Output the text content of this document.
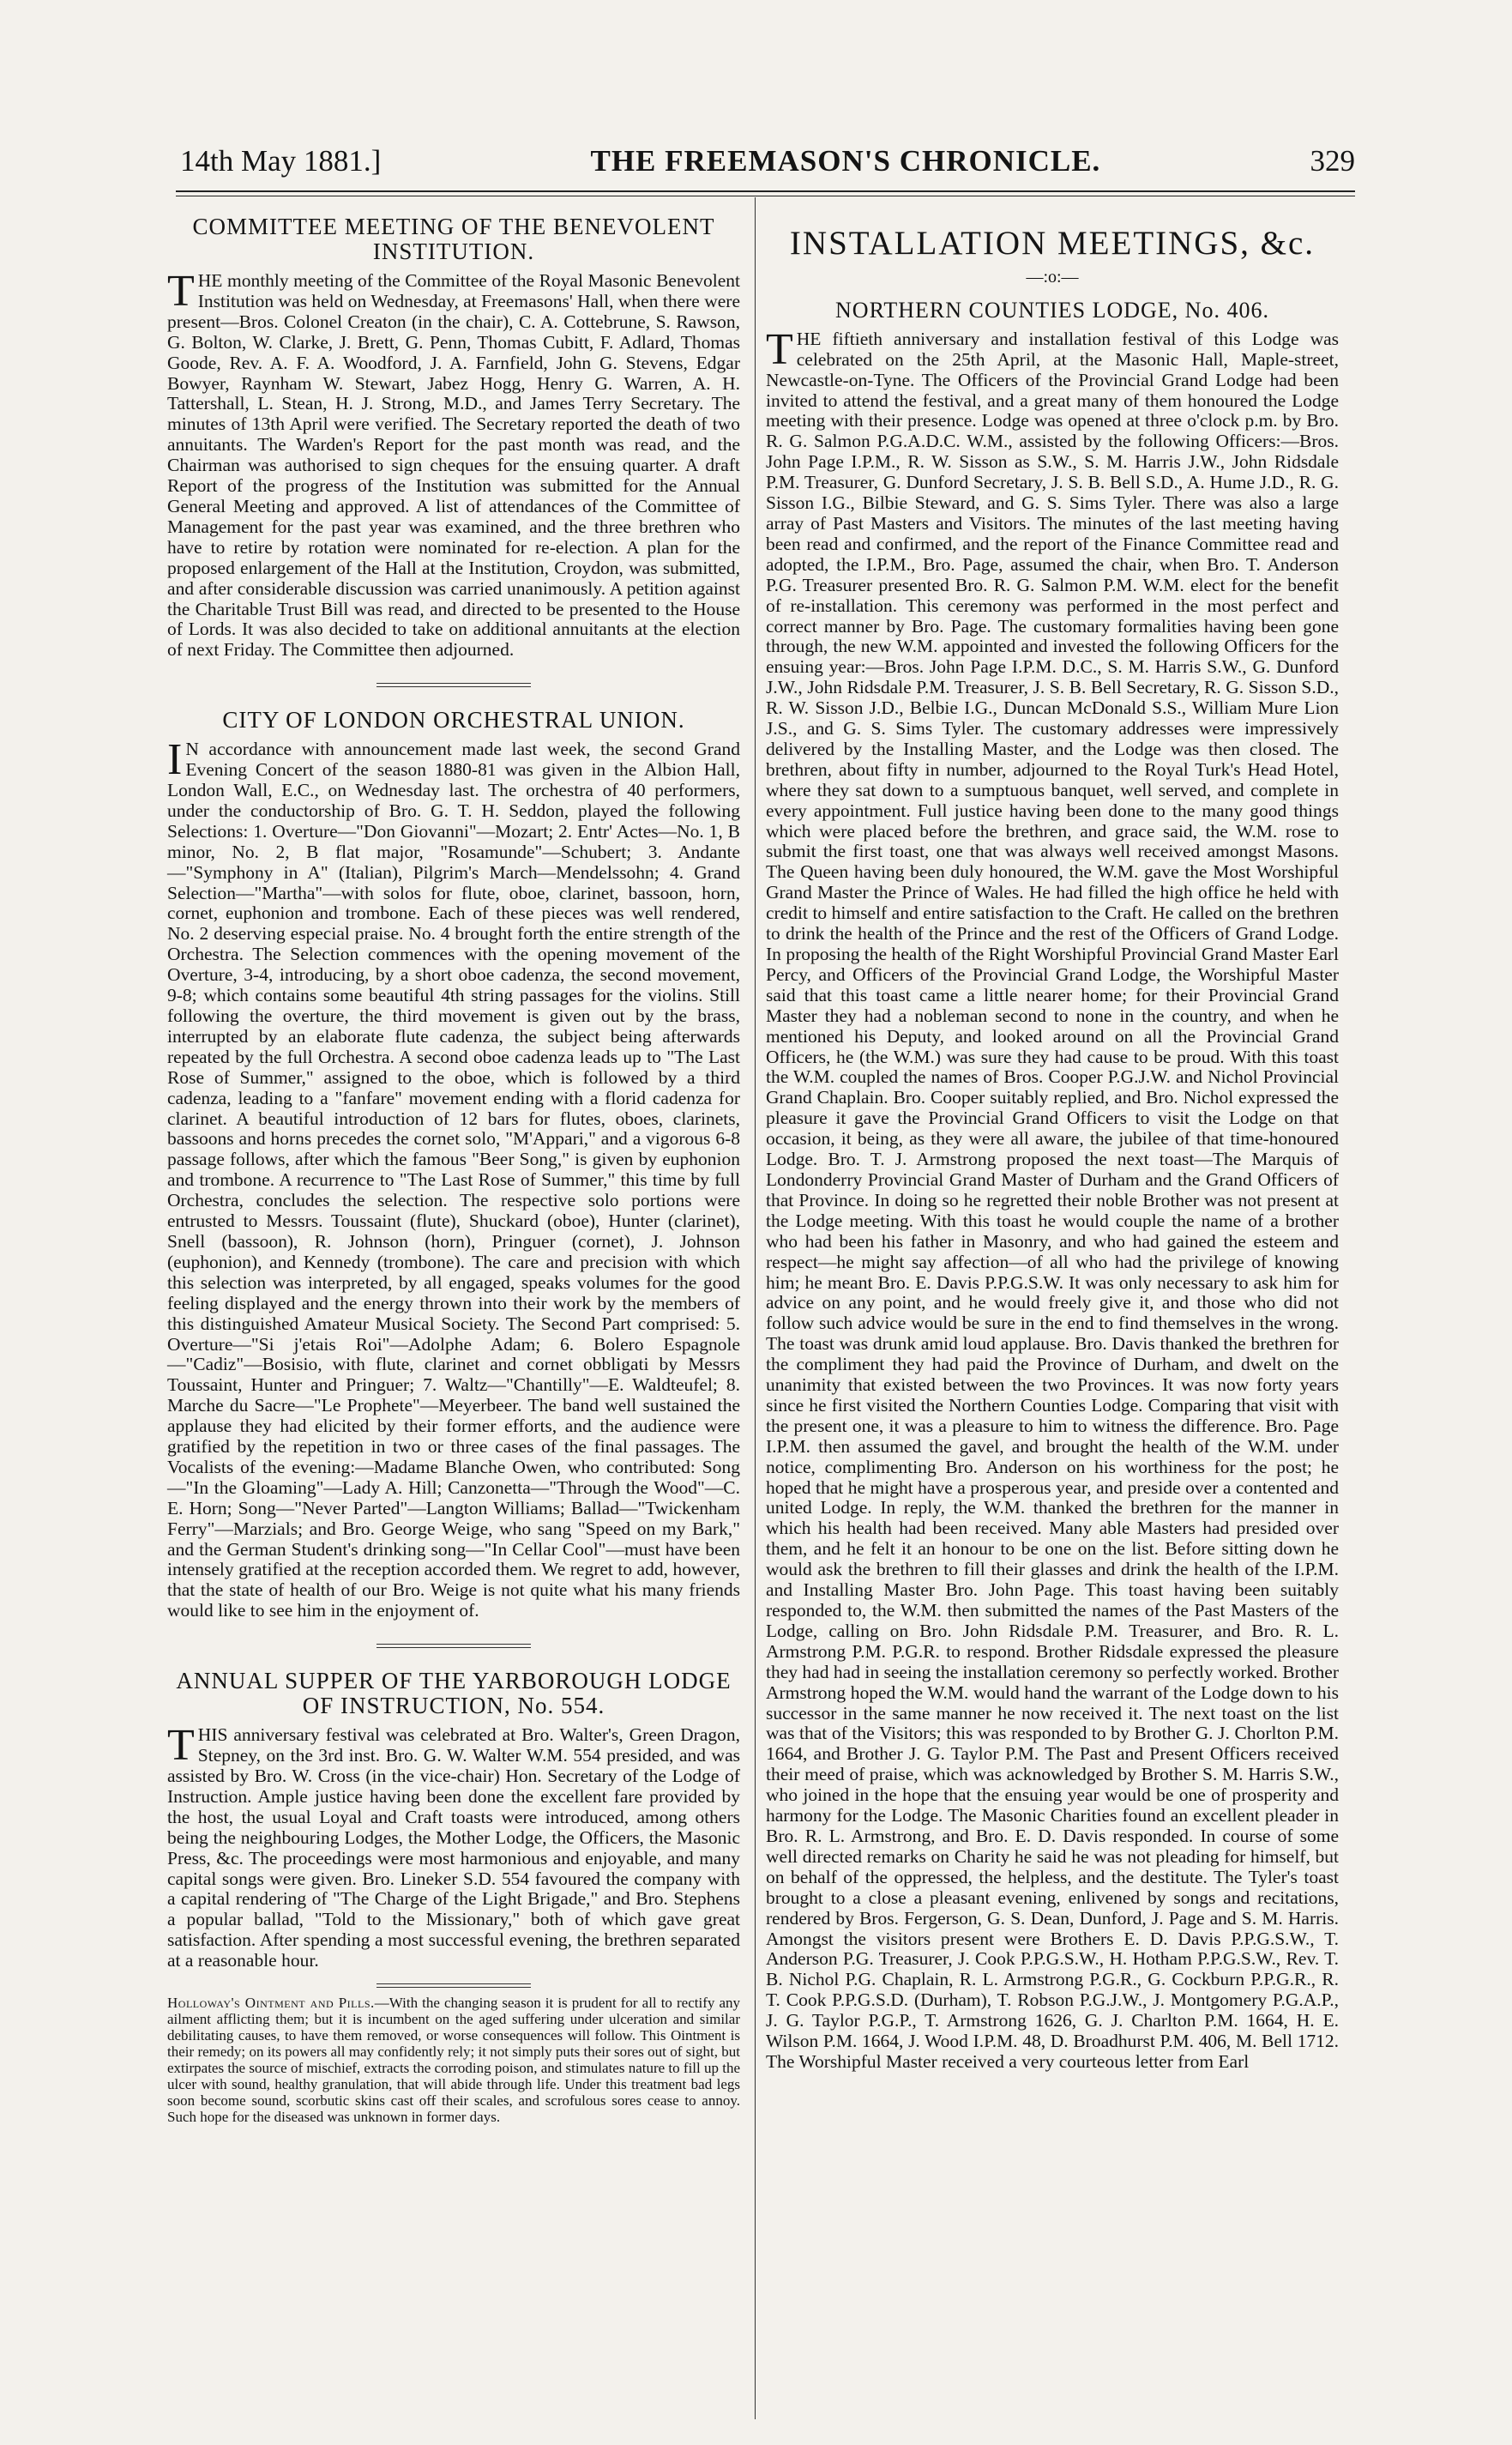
14th May 1881.]	THE FREEMASON'S CHRONICLE.	329
COMMITTEE MEETING OF THE BENEVOLENT INSTITUTION.

THE monthly meeting of the Committee of the Royal Masonic Benevolent Institution was held on Wednesday, at Freemasons' Hall, when there were present—Bros. Colonel Creaton (in the chair), C. A. Cottebrune, S. Rawson, G. Bolton, W. Clarke, J. Brett, G. Penn, Thomas Cubitt, F. Adlard, Thomas Goode, Rev. A. F. A. Woodford, J. A. Farnfield, John G. Stevens, Edgar Bowyer, Raynham W. Stewart, Jabez Hogg, Henry G. Warren, A. H. Tattershall, L. Stean, H. J. Strong, M.D., and James Terry Secretary. The minutes of 13th April were verified. The Secretary reported the death of two annuitants. The Warden's Report for the past month was read, and the Chairman was authorised to sign cheques for the ensuing quarter. A draft Report of the progress of the Institution was submitted for the Annual General Meeting and approved. A list of attendances of the Committee of Management for the past year was examined, and the three brethren who have to retire by rotation were nominated for re-election. A plan for the proposed enlargement of the Hall at the Institution, Croydon, was submitted, and after considerable discussion was carried unanimously. A petition against the Charitable Trust Bill was read, and directed to be presented to the House of Lords. It was also decided to take on additional annuitants at the election of next Friday. The Committee then adjourned.

CITY OF LONDON ORCHESTRAL UNION.

IN accordance with announcement made last week, the second Grand Evening Concert of the season 1880-81 was given in the Albion Hall, London Wall, E.C., on Wednesday last. The orchestra of 40 performers, under the conductorship of Bro. G. T. H. Seddon, played the following Selections: 1. Overture—"Don Giovanni"—Mozart; 2. Entr' Actes—No. 1, B minor, No. 2, B flat major, "Rosamunde"—Schubert; 3. Andante—"Symphony in A" (Italian), Pilgrim's March—Mendelssohn; 4. Grand Selection—"Martha"—with solos for flute, oboe, clarinet, bassoon, horn, cornet, euphonion and trombone. Each of these pieces was well rendered, No. 2 deserving especial praise. No. 4 brought forth the entire strength of the Orchestra. The Selection commences with the opening movement of the Overture, 3-4, introducing, by a short oboe cadenza, the second movement, 9-8; which contains some beautiful 4th string passages for the violins. Still following the overture, the third movement is given out by the brass, interrupted by an elaborate flute cadenza, the subject being afterwards repeated by the full Orchestra. A second oboe cadenza leads up to "The Last Rose of Summer," assigned to the oboe, which is followed by a third cadenza, leading to a "fanfare" movement ending with a florid cadenza for clarinet. A beautiful introduction of 12 bars for flutes, oboes, clarinets, bassoons and horns precedes the cornet solo, "M'Appari," and a vigorous 6-8 passage follows, after which the famous "Beer Song," is given by euphonion and trombone. A recurrence to "The Last Rose of Summer," this time by full Orchestra, concludes the selection. The respective solo portions were entrusted to Messrs. Toussaint (flute), Shuckard (oboe), Hunter (clarinet), Snell (bassoon), R. Johnson (horn), Pringuer (cornet), J. Johnson (euphonion), and Kennedy (trombone). The care and precision with which this selection was interpreted, by all engaged, speaks volumes for the good feeling displayed and the energy thrown into their work by the members of this distinguished Amateur Musical Society. The Second Part comprised: 5. Overture—"Si j'etais Roi"—Adolphe Adam; 6. Bolero Espagnole—"Cadiz"—Bosisio, with flute, clarinet and cornet obbligati by Messrs Toussaint, Hunter and Pringuer; 7. Waltz—"Chantilly"—E. Waldteufel; 8. Marche du Sacre—"Le Prophete"—Meyerbeer. The band well sustained the applause they had elicited by their former efforts, and the audience were gratified by the repetition in two or three cases of the final passages. The Vocalists of the evening:—Madame Blanche Owen, who contributed: Song—"In the Gloaming"—Lady A. Hill; Canzonetta—"Through the Wood"—C. E. Horn; Song—"Never Parted"—Langton Williams; Ballad—"Twickenham Ferry"—Marzials; and Bro. George Weige, who sang "Speed on my Bark," and the German Student's drinking song—"In Cellar Cool"—must have been intensely gratified at the reception accorded them. We regret to add, however, that the state of health of our Bro. Weige is not quite what his many friends would like to see him in the enjoyment of.

ANNUAL SUPPER OF THE YARBOROUGH LODGE OF INSTRUCTION, No. 554.

THIS anniversary festival was celebrated at Bro. Walter's, Green Dragon, Stepney, on the 3rd inst. Bro. G. W. Walter W.M. 554 presided, and was assisted by Bro. W. Cross (in the vice-chair) Hon. Secretary of the Lodge of Instruction. Ample justice having been done the excellent fare provided by the host, the usual Loyal and Craft toasts were introduced, among others being the neighbouring Lodges, the Mother Lodge, the Officers, the Masonic Press, &c. The proceedings were most harmonious and enjoyable, and many capital songs were given. Bro. Lineker S.D. 554 favoured the company with a capital rendering of "The Charge of the Light Brigade," and Bro. Stephens a popular ballad, "Told to the Missionary," both of which gave great satisfaction. After spending a most successful evening, the brethren separated at a reasonable hour.

Holloway's Ointment and Pills.—With the changing season it is prudent for all to rectify any ailment afflicting them; but it is incumbent on the aged suffering under ulceration and similar debilitating causes, to have them removed, or worse consequences will follow. This Ointment is their remedy; on its powers all may confidently rely; it not simply puts their sores out of sight, but extirpates the source of mischief, extracts the corroding poison, and stimulates nature to fill up the ulcer with sound, healthy granulation, that will abide through life. Under this treatment bad legs soon become sound, scorbutic skins cast off their scales, and scrofulous sores cease to annoy. Such hope for the diseased was unknown in former days.

INSTALLATION MEETINGS, &c.
—:o:—
NORTHERN COUNTIES LODGE, No. 406.

THE fiftieth anniversary and installation festival of this Lodge was celebrated on the 25th April, at the Masonic Hall, Maple-street, Newcastle-on-Tyne. The Officers of the Provincial Grand Lodge had been invited to attend the festival, and a great many of them honoured the Lodge meeting with their presence. Lodge was opened at three o'clock p.m. by Bro. R. G. Salmon P.G.A.D.C. W.M., assisted by the following Officers:—Bros. John Page I.P.M., R. W. Sisson as S.W., S. M. Harris J.W., John Ridsdale P.M. Treasurer, G. Dunford Secretary, J. S. B. Bell S.D., A. Hume J.D., R. G. Sisson I.G., Bilbie Steward, and G. S. Sims Tyler. There was also a large array of Past Masters and Visitors. The minutes of the last meeting having been read and confirmed, and the report of the Finance Committee read and adopted, the I.P.M., Bro. Page, assumed the chair, when Bro. T. Anderson P.G. Treasurer presented Bro. R. G. Salmon P.M. W.M. elect for the benefit of re-installation. This ceremony was performed in the most perfect and correct manner by Bro. Page. The customary formalities having been gone through, the new W.M. appointed and invested the following Officers for the ensuing year:—Bros. John Page I.P.M. D.C., S. M. Harris S.W., G. Dunford J.W., John Ridsdale P.M. Treasurer, J. S. B. Bell Secretary, R. G. Sisson S.D., R. W. Sisson J.D., Belbie I.G., Duncan McDonald S.S., William Mure Lion J.S., and G. S. Sims Tyler. The customary addresses were impressively delivered by the Installing Master, and the Lodge was then closed. The brethren, about fifty in number, adjourned to the Royal Turk's Head Hotel, where they sat down to a sumptuous banquet, well served, and complete in every appointment. Full justice having been done to the many good things which were placed before the brethren, and grace said, the W.M. rose to submit the first toast, one that was always well received amongst Masons. The Queen having been duly honoured, the W.M. gave the Most Worshipful Grand Master the Prince of Wales. He had filled the high office he held with credit to himself and entire satisfaction to the Craft. He called on the brethren to drink the health of the Prince and the rest of the Officers of Grand Lodge. In proposing the health of the Right Worshipful Provincial Grand Master Earl Percy, and Officers of the Provincial Grand Lodge, the Worshipful Master said that this toast came a little nearer home; for their Provincial Grand Master they had a nobleman second to none in the country, and when he mentioned his Deputy, and looked around on all the Provincial Grand Officers, he (the W.M.) was sure they had cause to be proud. With this toast the W.M. coupled the names of Bros. Cooper P.G.J.W. and Nichol Provincial Grand Chaplain. Bro. Cooper suitably replied, and Bro. Nichol expressed the pleasure it gave the Provincial Grand Officers to visit the Lodge on that occasion, it being, as they were all aware, the jubilee of that time-honoured Lodge. Bro. T. J. Armstrong proposed the next toast—The Marquis of Londonderry Provincial Grand Master of Durham and the Grand Officers of that Province. In doing so he regretted their noble Brother was not present at the Lodge meeting. With this toast he would couple the name of a brother who had been his father in Masonry, and who had gained the esteem and respect—he might say affection—of all who had the privilege of knowing him; he meant Bro. E. Davis P.P.G.S.W. It was only necessary to ask him for advice on any point, and he would freely give it, and those who did not follow such advice would be sure in the end to find themselves in the wrong. The toast was drunk amid loud applause. Bro. Davis thanked the brethren for the compliment they had paid the Province of Durham, and dwelt on the unanimity that existed between the two Provinces. It was now forty years since he first visited the Northern Counties Lodge. Comparing that visit with the present one, it was a pleasure to him to witness the difference. Bro. Page I.P.M. then assumed the gavel, and brought the health of the W.M. under notice, complimenting Bro. Anderson on his worthiness for the post; he hoped that he might have a prosperous year, and preside over a contented and united Lodge. In reply, the W.M. thanked the brethren for the manner in which his health had been received. Many able Masters had presided over them, and he felt it an honour to be one on the list. Before sitting down he would ask the brethren to fill their glasses and drink the health of the I.P.M. and Installing Master Bro. John Page. This toast having been suitably responded to, the W.M. then submitted the names of the Past Masters of the Lodge, calling on Bro. John Ridsdale P.M. Treasurer, and Bro. R. L. Armstrong P.M. P.G.R. to respond. Brother Ridsdale expressed the pleasure they had had in seeing the installation ceremony so perfectly worked. Brother Armstrong hoped the W.M. would hand the warrant of the Lodge down to his successor in the same manner he now received it. The next toast on the list was that of the Visitors; this was responded to by Brother G. J. Chorlton P.M. 1664, and Brother J. G. Taylor P.M. The Past and Present Officers received their meed of praise, which was acknowledged by Brother S. M. Harris S.W., who joined in the hope that the ensuing year would be one of prosperity and harmony for the Lodge. The Masonic Charities found an excellent pleader in Bro. R. L. Armstrong, and Bro. E. D. Davis responded. In course of some well directed remarks on Charity he said he was not pleading for himself, but on behalf of the oppressed, the helpless, and the destitute. The Tyler's toast brought to a close a pleasant evening, enlivened by songs and recitations, rendered by Bros. Fergerson, G. S. Dean, Dunford, J. Page and S. M. Harris. Amongst the visitors present were Brothers E. D. Davis P.P.G.S.W., T. Anderson P.G. Treasurer, J. Cook P.P.G.S.W., H. Hotham P.P.G.S.W., Rev. T. B. Nichol P.G. Chaplain, R. L. Armstrong P.G.R., G. Cockburn P.P.G.R., R. T. Cook P.P.G.S.D. (Durham), T. Robson P.G.J.W., J. Montgomery P.G.A.P., J. G. Taylor P.G.P., T. Armstrong 1626, G. J. Charlton P.M. 1664, H. E. Wilson P.M. 1664, J. Wood I.P.M. 48, D. Broadhurst P.M. 406, M. Bell 1712. The Worshipful Master received a very courteous letter from Earl
